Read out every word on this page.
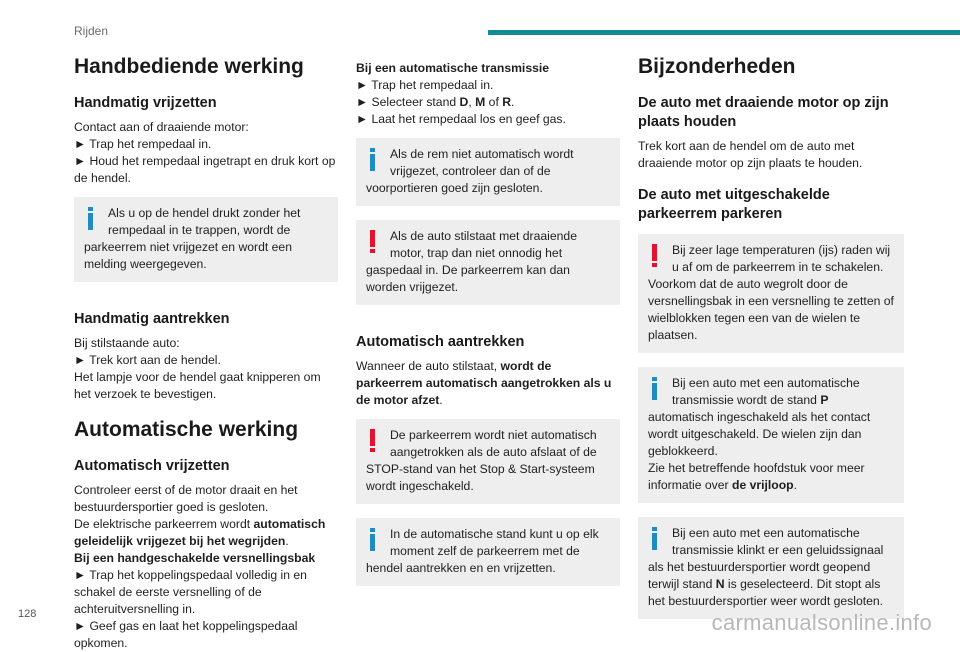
Rijden
Handbediende werking
Handmatig vrijzetten

Contact aan of draaiende motor:

► Trap het rempedaal in.

► Houd het rempedaal ingetrapt en druk kort op de hendel.

Als u op de hendel drukt zonder het rempedaal in te trappen, wordt de parkeerrem niet vrijgezet en wordt een melding weergegeven.
Handmatig aantrekken

Bij stilstaande auto:

► Trek kort aan de hendel.

Het lampje voor de hendel gaat knipperen om het verzoek te bevestigen.

Automatische werking
Automatisch vrijzetten

Controleer eerst of de motor draait en het bestuurdersportier goed is gesloten.

De elektrische parkeerrem wordt automatisch geleidelijk vrijgezet bij het wegrijden.

Bij een handgeschakelde versnellingsbak

► Trap het koppelingspedaal volledig in en schakel de eerste versnelling of de achteruitversnelling in.

► Geef gas en laat het koppelingspedaal opkomen.

Bij een automatische transmissie

► Trap het rempedaal in.

► Selecteer stand D, M of R.

► Laat het rempedaal los en geef gas.

Als de rem niet automatisch wordt vrijgezet, controleer dan of de voorportieren goed zijn gesloten.
Als de auto stilstaat met draaiende motor, trap dan niet onnodig het gaspedaal in. De parkeerrem kan dan worden vrijgezet.
Automatisch aantrekken

Wanneer de auto stilstaat, wordt de parkeerrem automatisch aangetrokken als u de motor afzet.

De parkeerrem wordt niet automatisch aangetrokken als de auto afslaat of de STOP-stand van het Stop & Start-systeem wordt ingeschakeld.
In de automatische stand kunt u op elk moment zelf de parkeerrem met de hendel aantrekken en en vrijzetten.
Bijzonderheden
De auto met draaiende motor op zijn plaats houden

Trek kort aan de hendel om de auto met draaiende motor op zijn plaats te houden.

De auto met uitgeschakelde parkeerrem parkeren
Bij zeer lage temperaturen (ijs) raden wij u af om de parkeerrem in te schakelen. Voorkom dat de auto wegrolt door de versnellingsbak in een versnelling te zetten of wielblokken tegen een van de wielen te plaatsen.
Bij een auto met een automatische transmissie wordt de stand P automatisch ingeschakeld als het contact wordt uitgeschakeld. De wielen zijn dan geblokkeerd.
Zie het betreffende hoofdstuk voor meer informatie over de vrijloop.
Bij een auto met een automatische transmissie klinkt er een geluidssignaal als het bestuurdersportier wordt geopend terwijl stand N is geselecteerd. Dit stopt als het bestuurdersportier weer wordt gesloten.
128	carmanualsonline.info
